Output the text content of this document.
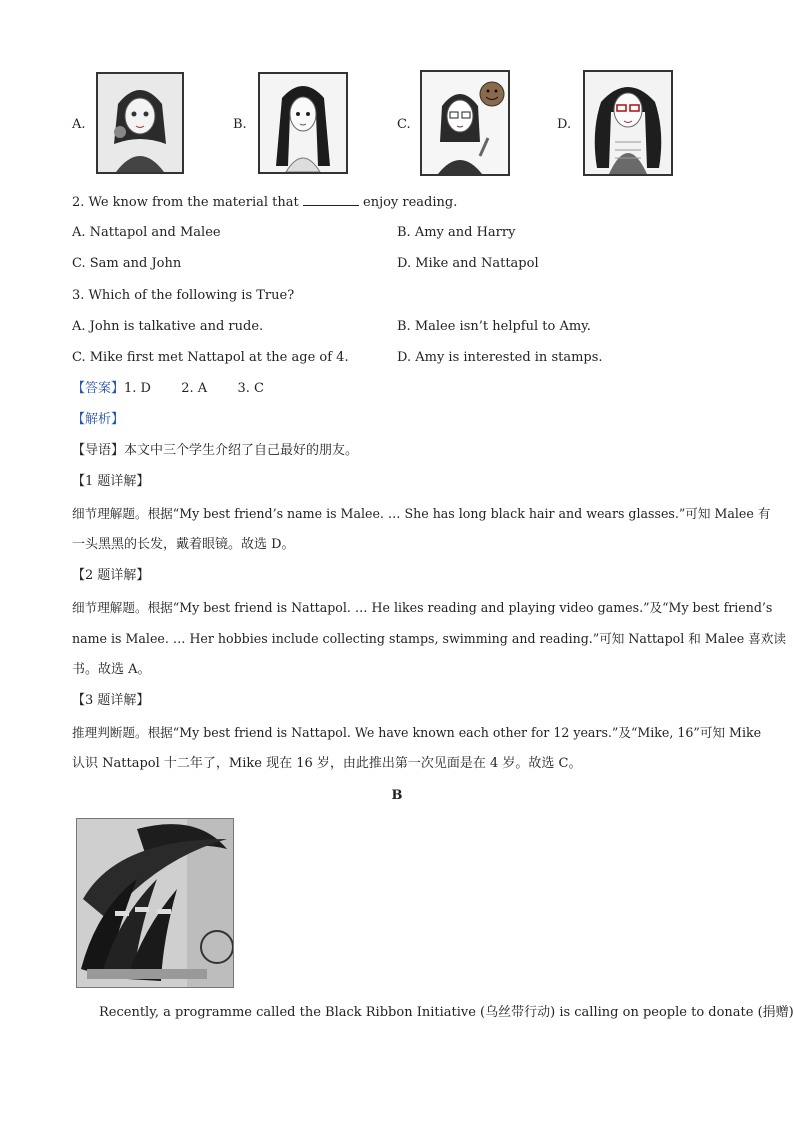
A.	B.	C.	D.
2. We know from the material that	enjoy reading.
A. Nattapol and Malee	B. Amy and Harry
C. Sam and John	D. Mike and Nattapol
3. Which of the following is True?
A. John is talkative and rude.	B. Malee isn’t helpful to Amy.
C. Mike first met Nattapol at the age of 4.	D. Amy is interested in stamps.
【答案】1. D 2. A 3. C
【解析】
【导语】本文中三个学生介绍了自己最好的朋友。
【1 题详解】
细节理解题。根据“My best friend’s name is Malee. … She has long black hair and wears glasses.”可知 Malee 有
一头黑黑的长发，戴着眼镜。故选 D。
【2 题详解】
细节理解题。根据“My best friend is Nattapol. … He likes reading and playing video games.”及“My best friend’s
name is Malee. … Her hobbies include collecting stamps, swimming and reading.”可知 Nattapol 和 Malee 喜欢读
书。故选 A。
【3 题详解】
推理判断题。根据“My best friend is Nattapol. We have known each other for 12 years.”及“Mike, 16”可知 Mike
认识 Nattapol 十二年了，Mike 现在 16 岁，由此推出第一次见面是在 4 岁。故选 C。
B
Recently, a programme called the Black Ribbon Initiative (乌丝带行动) is calling on people to donate (捐赠)
